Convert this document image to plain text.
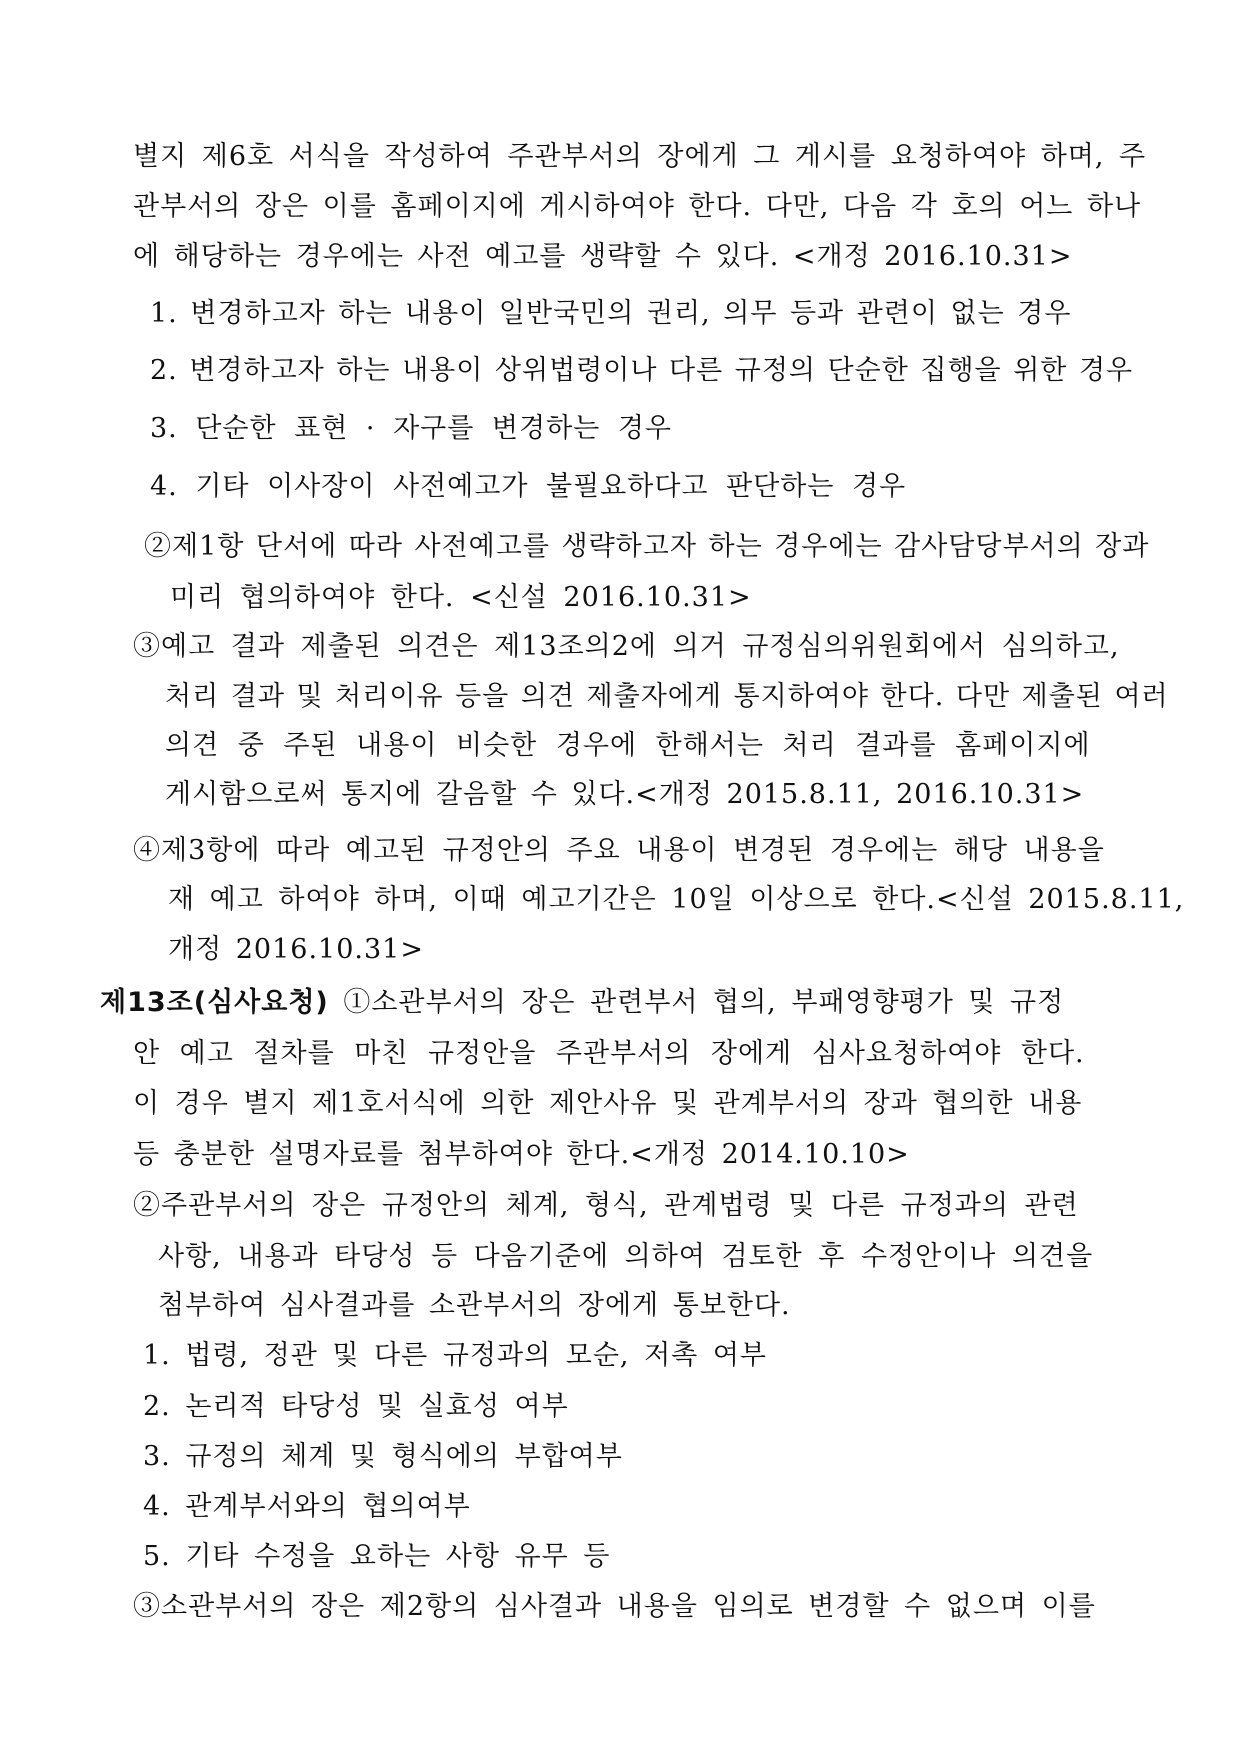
별지 제6호 서식을 작성하여 주관부서의 장에게 그 게시를 요청하여야 하며, 주
관부서의 장은 이를 홈페이지에 게시하여야 한다. 다만, 다음 각 호의 어느 하나
에 해당하는 경우에는 사전 예고를 생략할 수 있다. <개정 2016.10.31>
1. 변경하고자 하는 내용이 일반국민의 권리, 의무 등과 관련이 없는 경우
2. 변경하고자 하는 내용이 상위법령이나 다른 규정의 단순한 집행을 위한 경우
3. 단순한 표현 · 자구를 변경하는 경우
4. 기타 이사장이 사전예고가 불필요하다고 판단하는 경우
②제1항 단서에 따라 사전예고를 생략하고자 하는 경우에는 감사담당부서의 장과
미리 협의하여야 한다. <신설 2016.10.31>
③예고 결과 제출된 의견은 제13조의2에 의거 규정심의위원회에서 심의하고,
처리 결과 및 처리이유 등을 의견 제출자에게 통지하여야 한다. 다만 제출된 여러
의견 중 주된 내용이 비슷한 경우에 한해서는 처리 결과를 홈페이지에
게시함으로써 통지에 갈음할 수 있다.<개정 2015.8.11, 2016.10.31>
④제3항에 따라 예고된 규정안의 주요 내용이 변경된 경우에는 해당 내용을
재 예고 하여야 하며, 이때 예고기간은 10일 이상으로 한다.<신설 2015.8.11,
개정 2016.10.31>
제13조(심사요청) ①소관부서의 장은 관련부서 협의, 부패영향평가 및 규정
안 예고 절차를 마친 규정안을 주관부서의 장에게 심사요청하여야 한다.
이 경우 별지 제1호서식에 의한 제안사유 및 관계부서의 장과 협의한 내용
등 충분한 설명자료를 첨부하여야 한다.<개정 2014.10.10>
②주관부서의 장은 규정안의 체계, 형식, 관계법령 및 다른 규정과의 관련
사항, 내용과 타당성 등 다음기준에 의하여 검토한 후 수정안이나 의견을
첨부하여 심사결과를 소관부서의 장에게 통보한다.
1. 법령, 정관 및 다른 규정과의 모순, 저촉 여부
2. 논리적 타당성 및 실효성 여부
3. 규정의 체계 및 형식에의 부합여부
4. 관계부서와의 협의여부
5. 기타 수정을 요하는 사항 유무 등
③소관부서의 장은 제2항의 심사결과 내용을 임의로 변경할 수 없으며 이를
